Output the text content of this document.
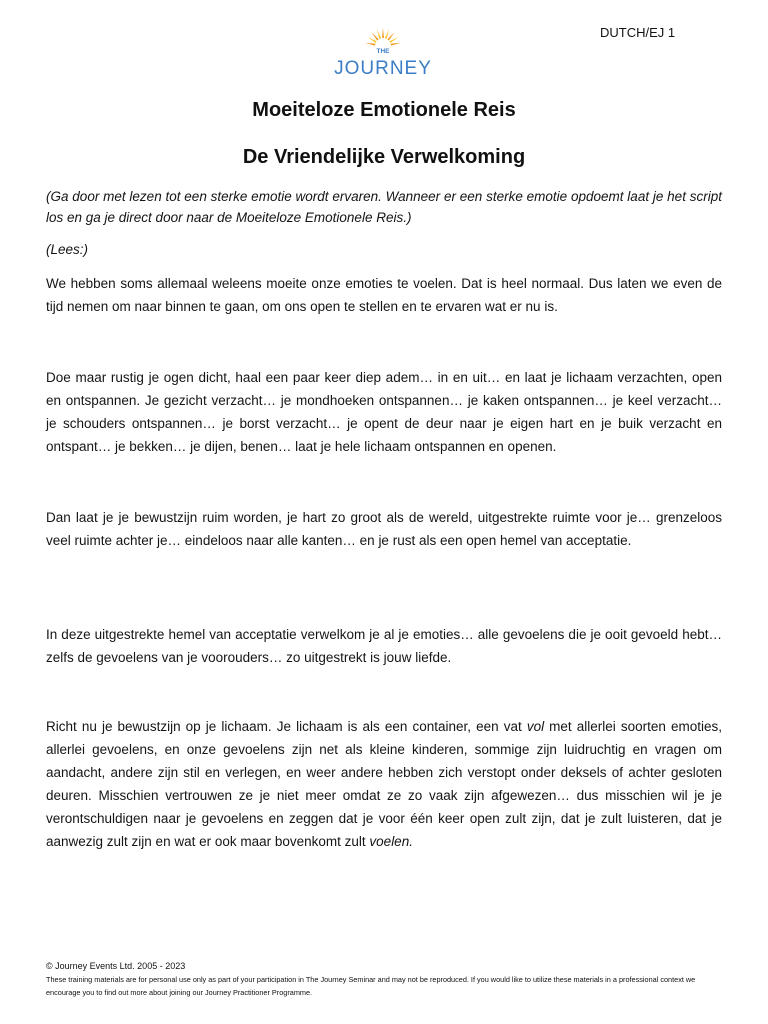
DUTCH/EJ 1
THE
JOURNEY
Moeiteloze Emotionele Reis
De Vriendelijke Verwelkoming
(Ga door met lezen tot een sterke emotie wordt ervaren. Wanneer er een sterke emotie opdoemt laat je het script los en ga je direct door naar de Moeiteloze Emotionele Reis.)
(Lees:)

We hebben soms allemaal weleens moeite onze emoties te voelen. Dat is heel normaal. Dus laten we even de tijd nemen om naar binnen te gaan, om ons open te stellen en te ervaren wat er nu is.

Doe maar rustig je ogen dicht, haal een paar keer diep adem… in en uit… en laat je lichaam verzachten, open en ontspannen. Je gezicht verzacht… je mondhoeken ontspannen… je kaken ontspannen… je keel verzacht… je schouders ontspannen… je borst verzacht… je opent de deur naar je eigen hart en je buik verzacht en ontspant… je bekken… je dijen, benen… laat je hele lichaam ontspannen en openen.

Dan laat je je bewustzijn ruim worden, je hart zo groot als de wereld, uitgestrekte ruimte voor je… grenzeloos veel ruimte achter je… eindeloos naar alle kanten… en je rust als een open hemel van acceptatie.

In deze uitgestrekte hemel van acceptatie verwelkom je al je emoties… alle gevoelens die je ooit gevoeld hebt… zelfs de gevoelens van je voorouders… zo uitgestrekt is jouw liefde.

Richt nu je bewustzijn op je lichaam. Je lichaam is als een container, een vat vol met allerlei soorten emoties, allerlei gevoelens, en onze gevoelens zijn net als kleine kinderen, sommige zijn luidruchtig en vragen om aandacht, andere zijn stil en verlegen, en weer andere hebben zich verstopt onder deksels of achter gesloten deuren. Misschien vertrouwen ze je niet meer omdat ze zo vaak zijn afgewezen… dus misschien wil je je verontschuldigen naar je gevoelens en zeggen dat je voor één keer open zult zijn, dat je zult luisteren, dat je aanwezig zult zijn en wat er ook maar bovenkomt zult voelen.

© Journey Events Ltd. 2005 - 2023
These training materials are for personal use only as part of your participation in The Journey Seminar and may not be reproduced. If you would like to utilize these materials in a professional context we encourage you to find out more about joining our Journey Practitioner Programme.
